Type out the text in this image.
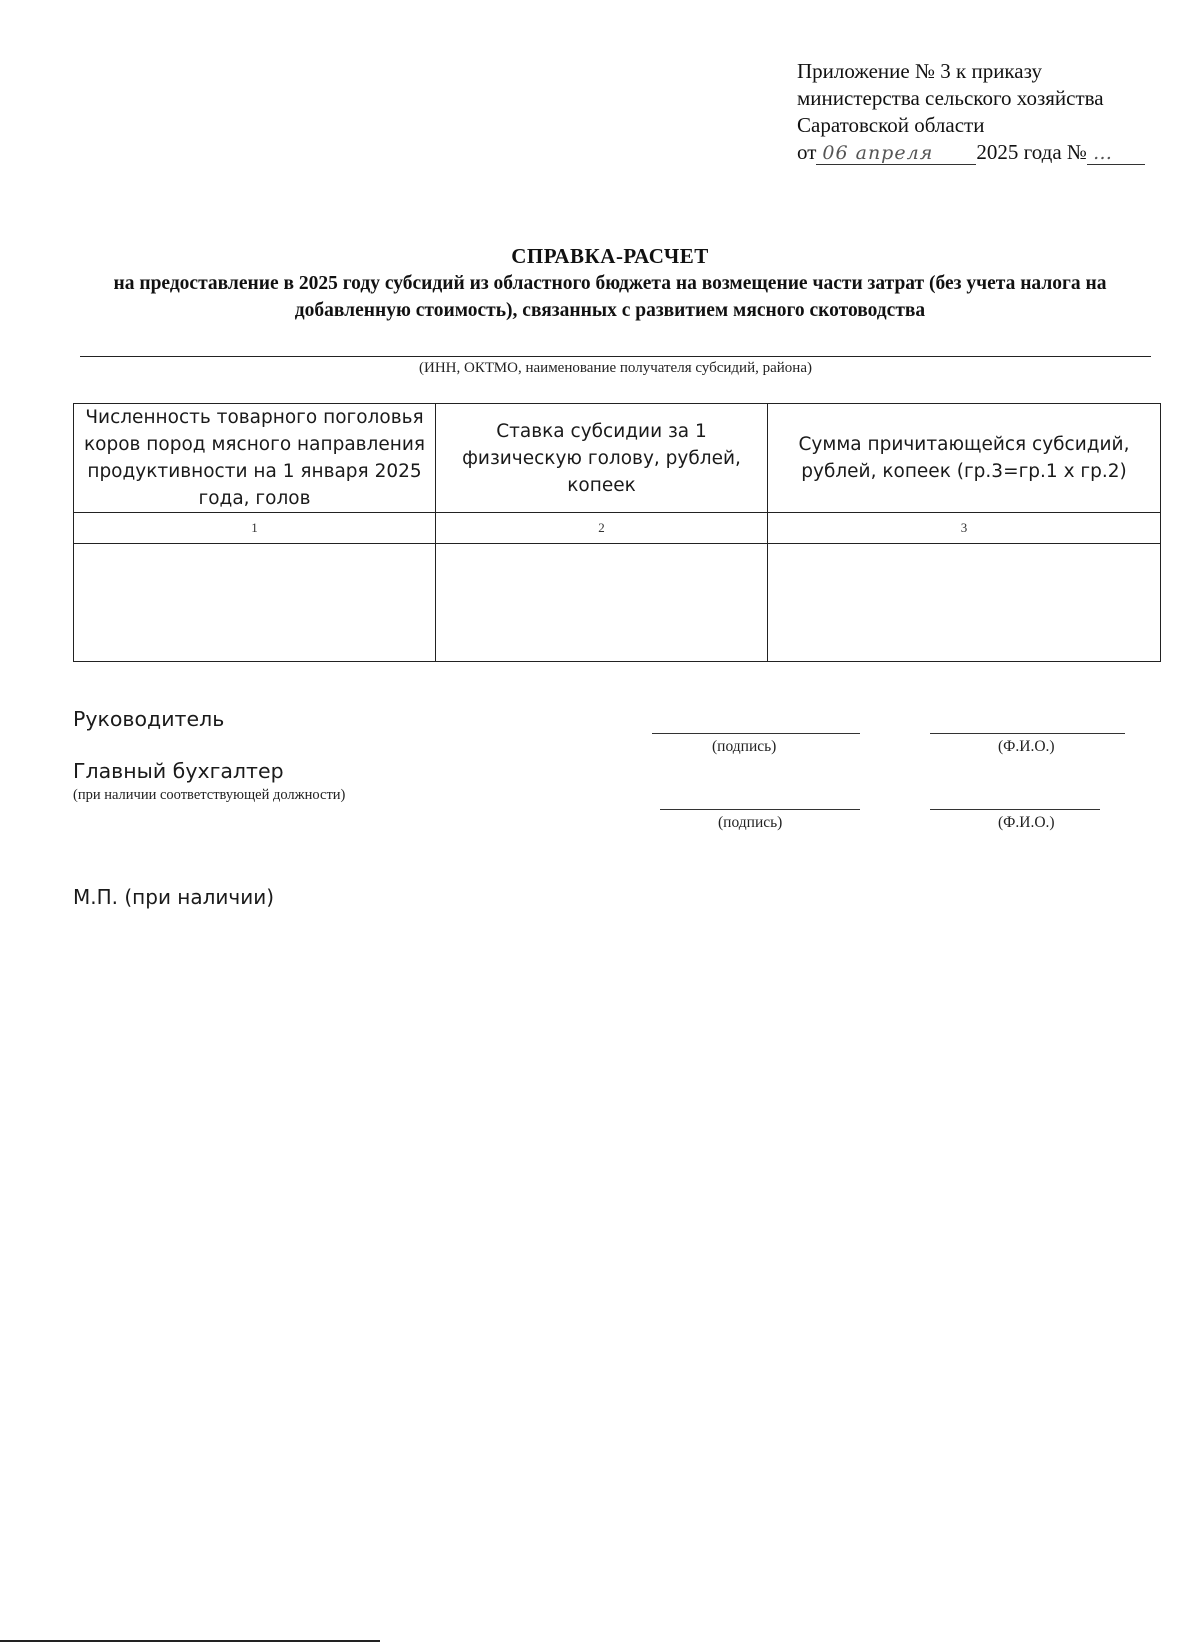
Приложение № 3 к приказу
министерства сельского хозяйства
Саратовской области
от 06 апреля 2025 года № …
СПРАВКА-РАСЧЕТ
на предоставление в 2025 году субсидий из областного бюджета на возмещение части затрат (без учета налога на добавленную стоимость), связанных с развитием мясного скотоводства
(ИНН, ОКТМО, наименование получателя субсидий, района)
Численность товарного поголовья коров пород мясного направления продуктивности на 1 января 2025 года, голов	Ставка субсидии за 1 физическую голову, рублей, копеек	Сумма причитающейся субсидий, рублей, копеек (гр.3=гр.1 х гр.2)
1	2	3

Руководитель
(подпись)	(Ф.И.О.)
Главный бухгалтер
(при наличии соответствующей должности)
(подпись)	(Ф.И.О.)
М.П. (при наличии)
